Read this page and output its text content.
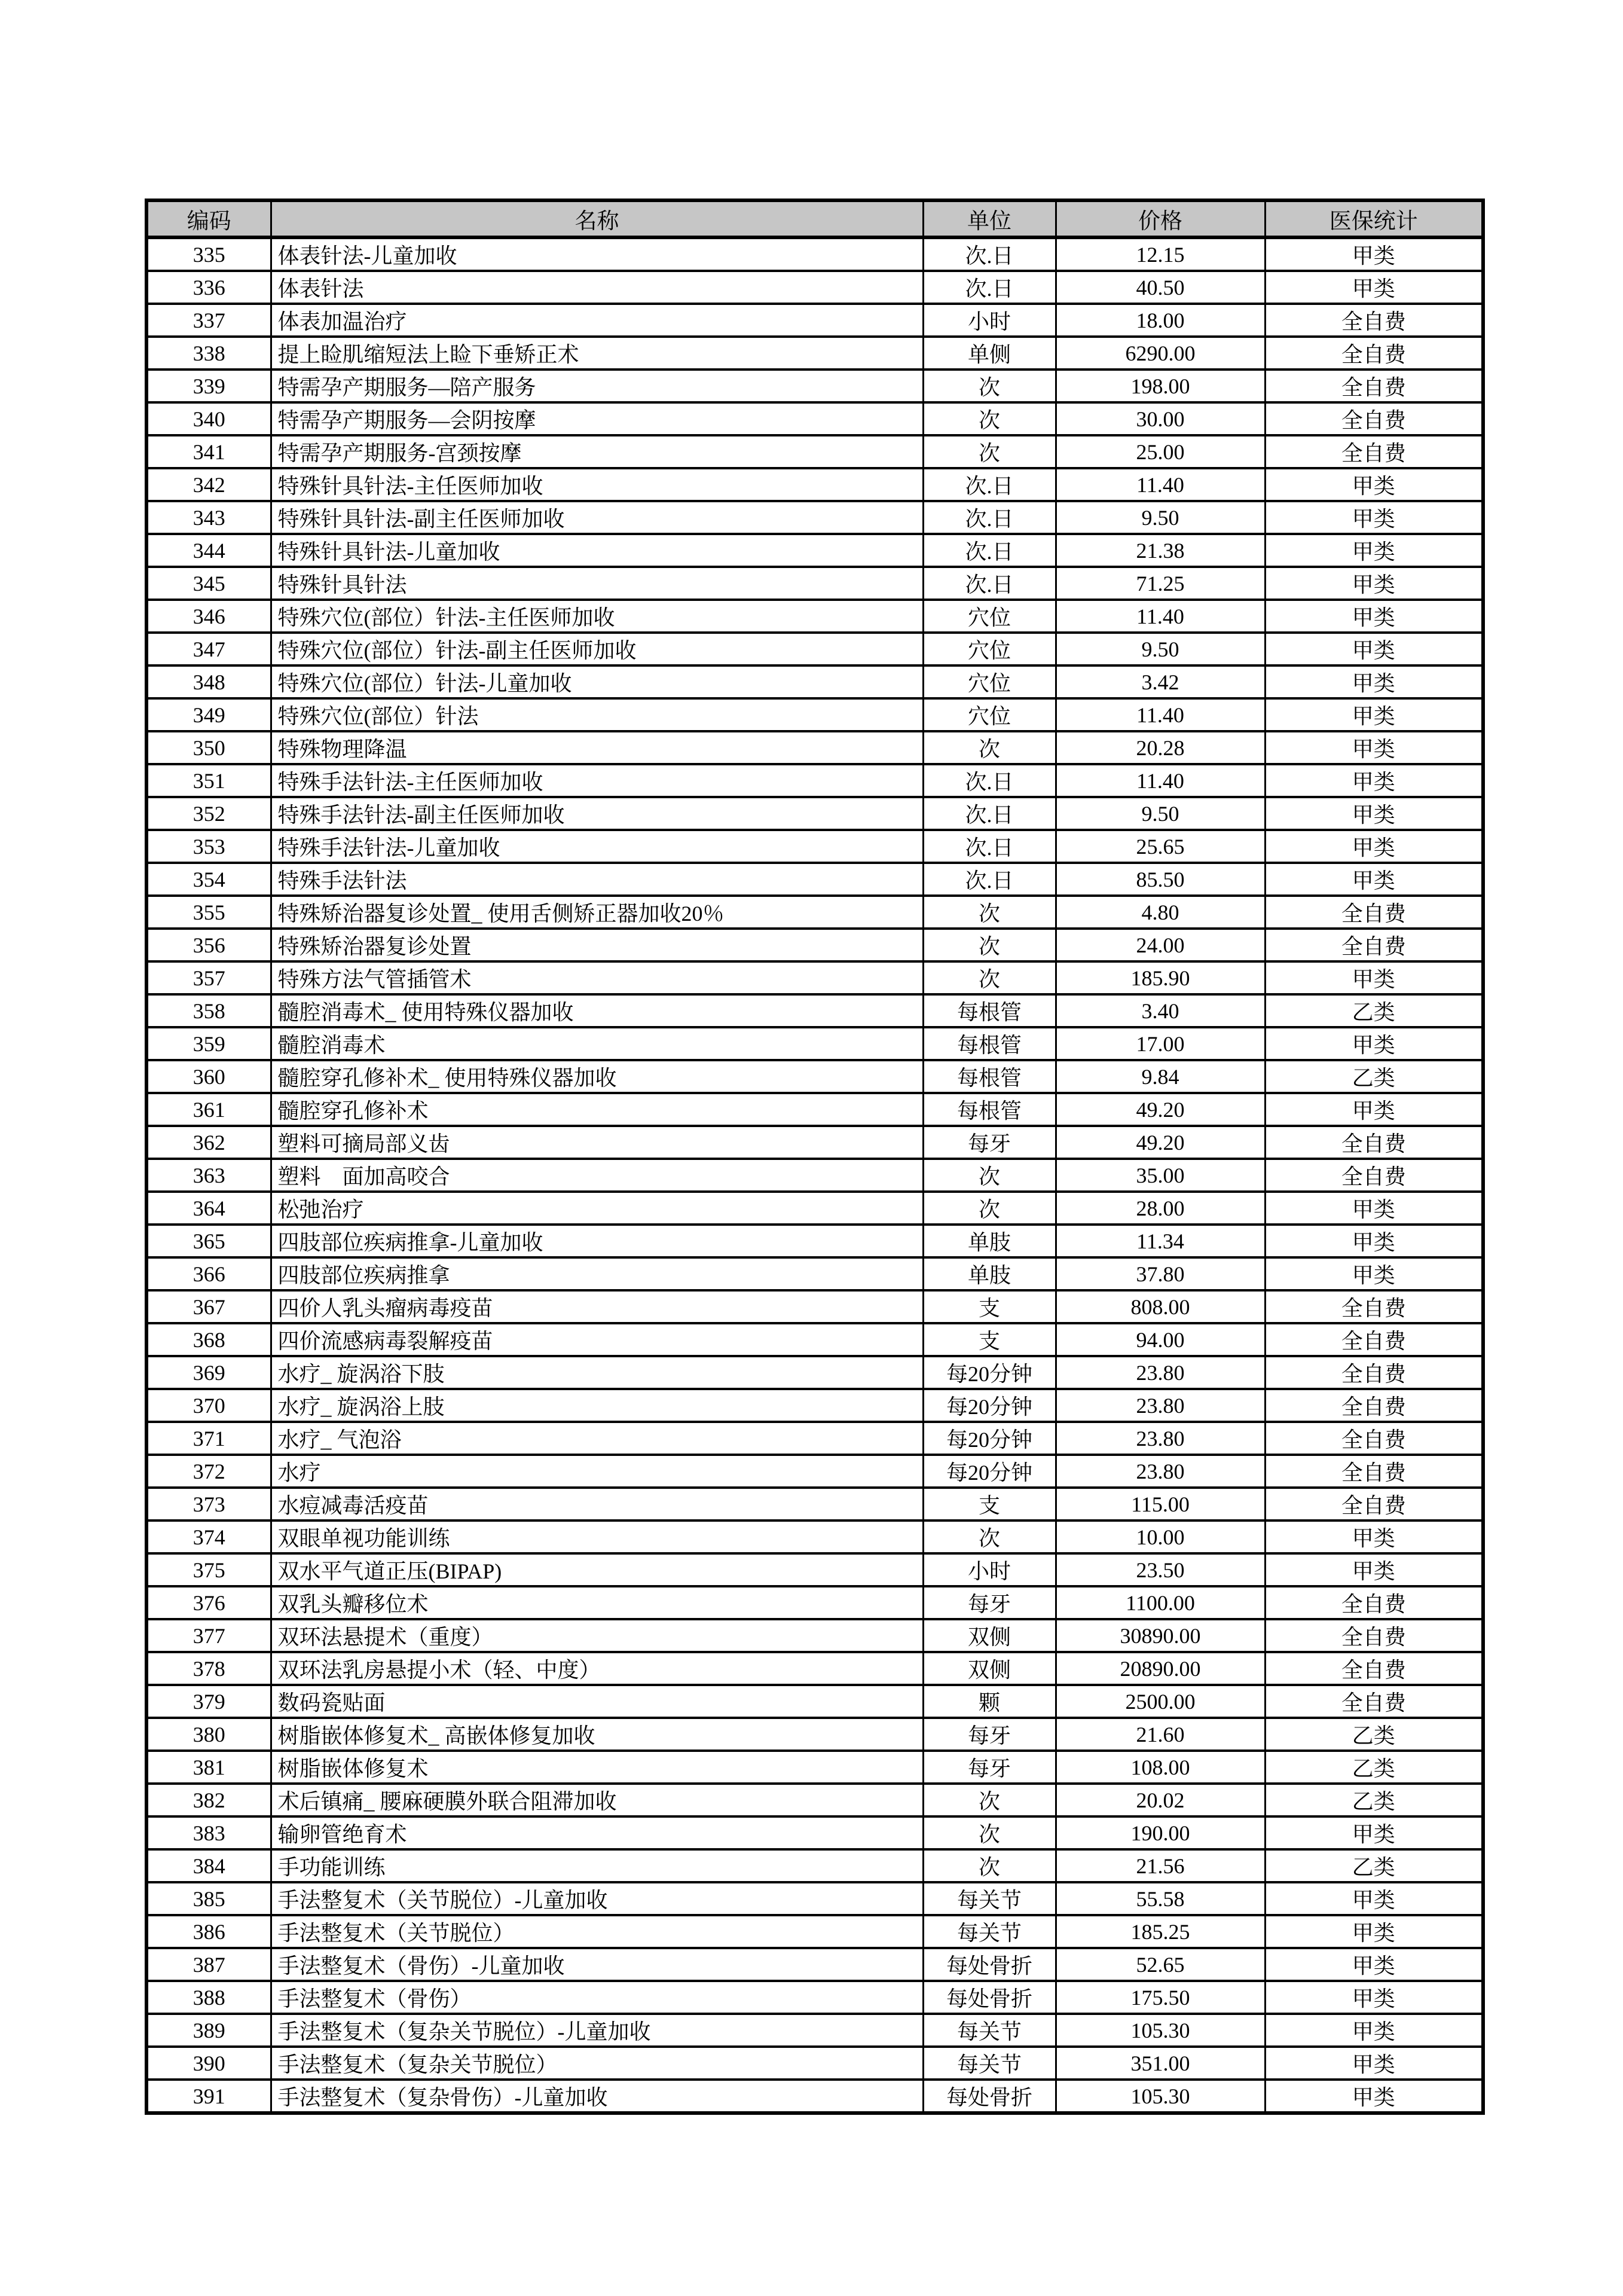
编码	名称	单位	价格	医保统计
335	体表针法-儿童加收	次.日	12.15	甲类
336	体表针法	次.日	40.50	甲类
337	体表加温治疗	小时	18.00	全自费
338	提上睑肌缩短法上睑下垂矫正术	单侧	6290.00	全自费
339	特需孕产期服务—陪产服务	次	198.00	全自费
340	特需孕产期服务—会阴按摩	次	30.00	全自费
341	特需孕产期服务-宫颈按摩	次	25.00	全自费
342	特殊针具针法-主任医师加收	次.日	11.40	甲类
343	特殊针具针法-副主任医师加收	次.日	9.50	甲类
344	特殊针具针法-儿童加收	次.日	21.38	甲类
345	特殊针具针法	次.日	71.25	甲类
346	特殊穴位(部位）针法-主任医师加收	穴位	11.40	甲类
347	特殊穴位(部位）针法-副主任医师加收	穴位	9.50	甲类
348	特殊穴位(部位）针法-儿童加收	穴位	3.42	甲类
349	特殊穴位(部位）针法	穴位	11.40	甲类
350	特殊物理降温	次	20.28	甲类
351	特殊手法针法-主任医师加收	次.日	11.40	甲类
352	特殊手法针法-副主任医师加收	次.日	9.50	甲类
353	特殊手法针法-儿童加收	次.日	25.65	甲类
354	特殊手法针法	次.日	85.50	甲类
355	特殊矫治器复诊处置_ 使用舌侧矫正器加收20％	次	4.80	全自费
356	特殊矫治器复诊处置	次	24.00	全自费
357	特殊方法气管插管术	次	185.90	甲类
358	髓腔消毒术_ 使用特殊仪器加收	每根管	3.40	乙类
359	髓腔消毒术	每根管	17.00	甲类
360	髓腔穿孔修补术_ 使用特殊仪器加收	每根管	9.84	乙类
361	髓腔穿孔修补术	每根管	49.20	甲类
362	塑料可摘局部义齿	每牙	49.20	全自费
363	塑料　面加高咬合	次	35.00	全自费
364	松弛治疗	次	28.00	甲类
365	四肢部位疾病推拿-儿童加收	单肢	11.34	甲类
366	四肢部位疾病推拿	单肢	37.80	甲类
367	四价人乳头瘤病毒疫苗	支	808.00	全自费
368	四价流感病毒裂解疫苗	支	94.00	全自费
369	水疗_ 旋涡浴下肢	每20分钟	23.80	全自费
370	水疗_ 旋涡浴上肢	每20分钟	23.80	全自费
371	水疗_ 气泡浴	每20分钟	23.80	全自费
372	水疗	每20分钟	23.80	全自费
373	水痘减毒活疫苗	支	115.00	全自费
374	双眼单视功能训练	次	10.00	甲类
375	双水平气道正压(BIPAP)	小时	23.50	甲类
376	双乳头瓣移位术	每牙	1100.00	全自费
377	双环法悬提术（重度）	双侧	30890.00	全自费
378	双环法乳房悬提小术（轻、中度）	双侧	20890.00	全自费
379	数码瓷贴面	颗	2500.00	全自费
380	树脂嵌体修复术_ 高嵌体修复加收	每牙	21.60	乙类
381	树脂嵌体修复术	每牙	108.00	乙类
382	术后镇痛_ 腰麻硬膜外联合阻滞加收	次	20.02	乙类
383	输卵管绝育术	次	190.00	甲类
384	手功能训练	次	21.56	乙类
385	手法整复术（关节脱位）-儿童加收	每关节	55.58	甲类
386	手法整复术（关节脱位）	每关节	185.25	甲类
387	手法整复术（骨伤）-儿童加收	每处骨折	52.65	甲类
388	手法整复术（骨伤）	每处骨折	175.50	甲类
389	手法整复术（复杂关节脱位）-儿童加收	每关节	105.30	甲类
390	手法整复术（复杂关节脱位）	每关节	351.00	甲类
391	手法整复术（复杂骨伤）-儿童加收	每处骨折	105.30	甲类
